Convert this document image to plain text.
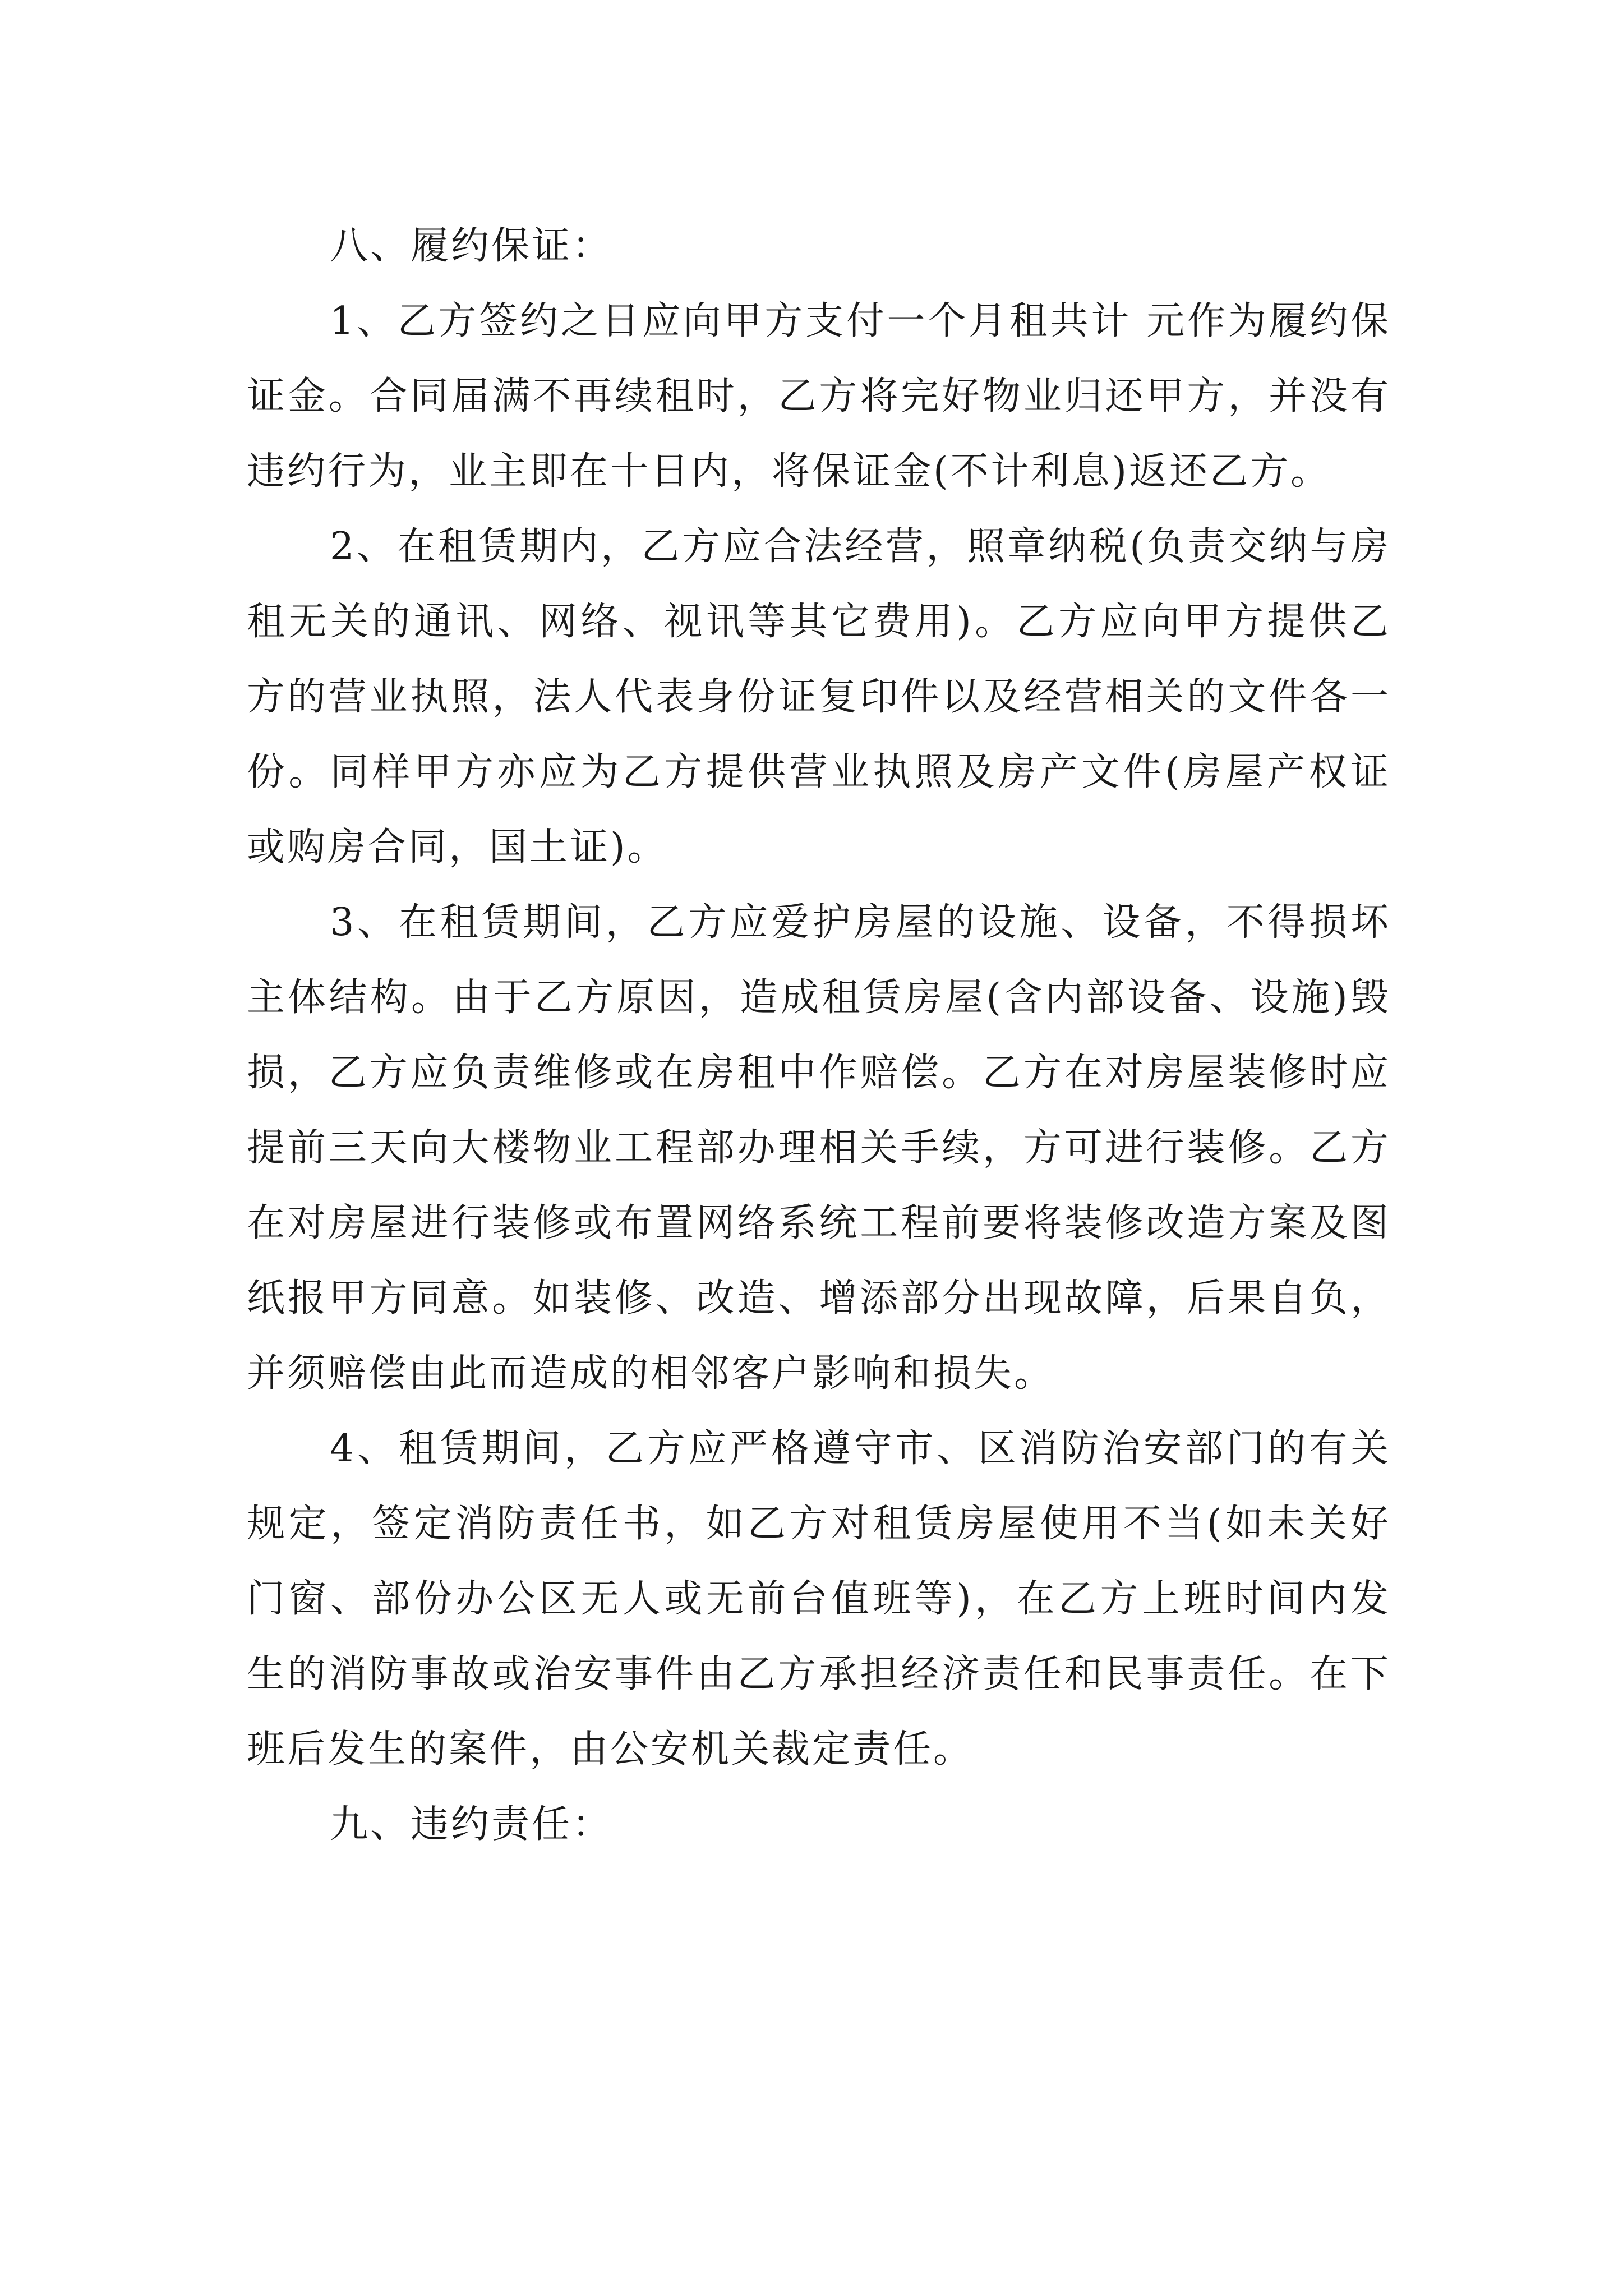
八、履约保证：

1、乙方签约之日应向甲方支付一个月租共计 元作为履约保证金。合同届满不再续租时，乙方将完好物业归还甲方，并没有违约行为，业主即在十日内，将保证金(不计利息)返还乙方。

2、在租赁期内，乙方应合法经营，照章纳税(负责交纳与房租无关的通讯、网络、视讯等其它费用)。乙方应向甲方提供乙方的营业执照，法人代表身份证复印件以及经营相关的文件各一份。同样甲方亦应为乙方提供营业执照及房产文件(房屋产权证或购房合同，国土证)。

3、在租赁期间，乙方应爱护房屋的设施、设备，不得损坏主体结构。由于乙方原因，造成租赁房屋(含内部设备、设施)毁损，乙方应负责维修或在房租中作赔偿。乙方在对房屋装修时应提前三天向大楼物业工程部办理相关手续，方可进行装修。乙方在对房屋进行装修或布置网络系统工程前要将装修改造方案及图纸报甲方同意。如装修、改造、增添部分出现故障，后果自负，并须赔偿由此而造成的相邻客户影响和损失。

4、租赁期间，乙方应严格遵守市、区消防治安部门的有关规定，签定消防责任书，如乙方对租赁房屋使用不当(如未关好门窗、部份办公区无人或无前台值班等)，在乙方上班时间内发生的消防事故或治安事件由乙方承担经济责任和民事责任。在下班后发生的案件，由公安机关裁定责任。

九、违约责任：
